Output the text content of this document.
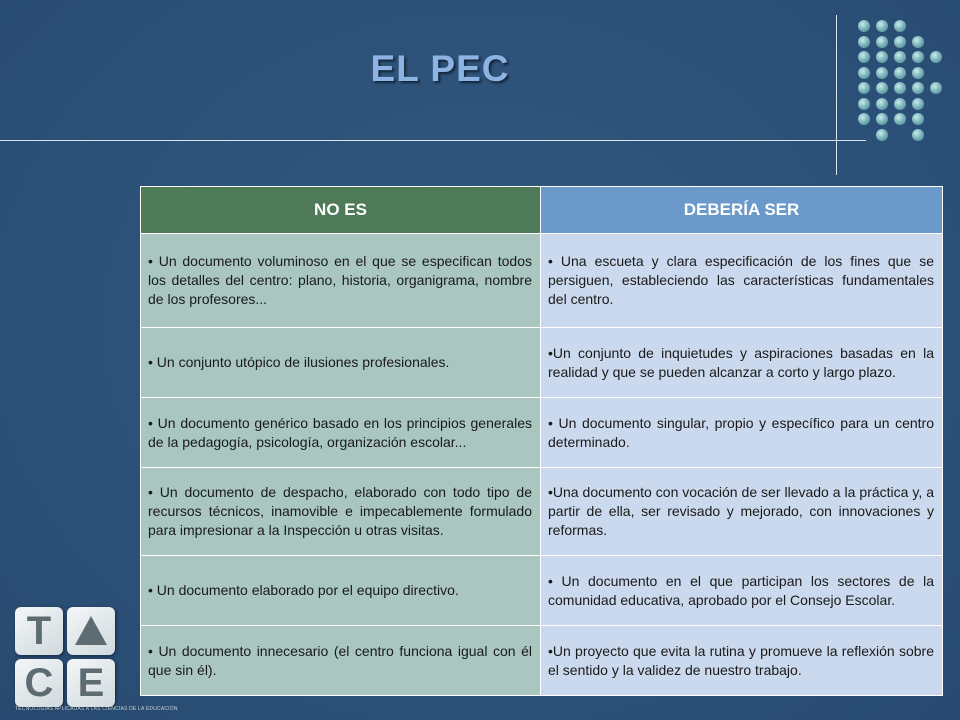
EL PEC
NO ES	DEBERÍA SER
• Un documento voluminoso en el que se especifican todos los detalles del centro: plano, historia, organigrama, nombre de los profesores...	• Una escueta y clara especificación de los fines que se persiguen, estableciendo las características fundamentales del centro.
• Un conjunto utópico de ilusiones profesionales.	•Un conjunto de inquietudes y aspiraciones basadas en la realidad y que se pueden alcanzar a corto y largo plazo.
• Un documento genérico basado en los principios generales de la pedagogía, psicología, organización escolar...	• Un documento singular, propio y específico para un centro determinado.
• Un documento de despacho, elaborado con todo tipo de recursos técnicos, inamovible e impecablemente formulado para impresionar a la Inspección u otras visitas.	•Una documento con vocación de ser llevado a la práctica y, a partir de ella, ser revisado y mejorado, con innovaciones y reformas.
• Un documento elaborado por el equipo directivo.	• Un documento en el que participan los sectores de la comunidad educativa, aprobado por el Consejo Escolar.
• Un documento innecesario (el centro funciona igual con él que sin él).	•Un proyecto que evita la rutina y promueve la reflexión sobre el sentido y la validez de nuestro trabajo.
T
C E
TECNOLOGÍAS APLICADAS A LAS CIENCIAS DE LA EDUCACIÓN
